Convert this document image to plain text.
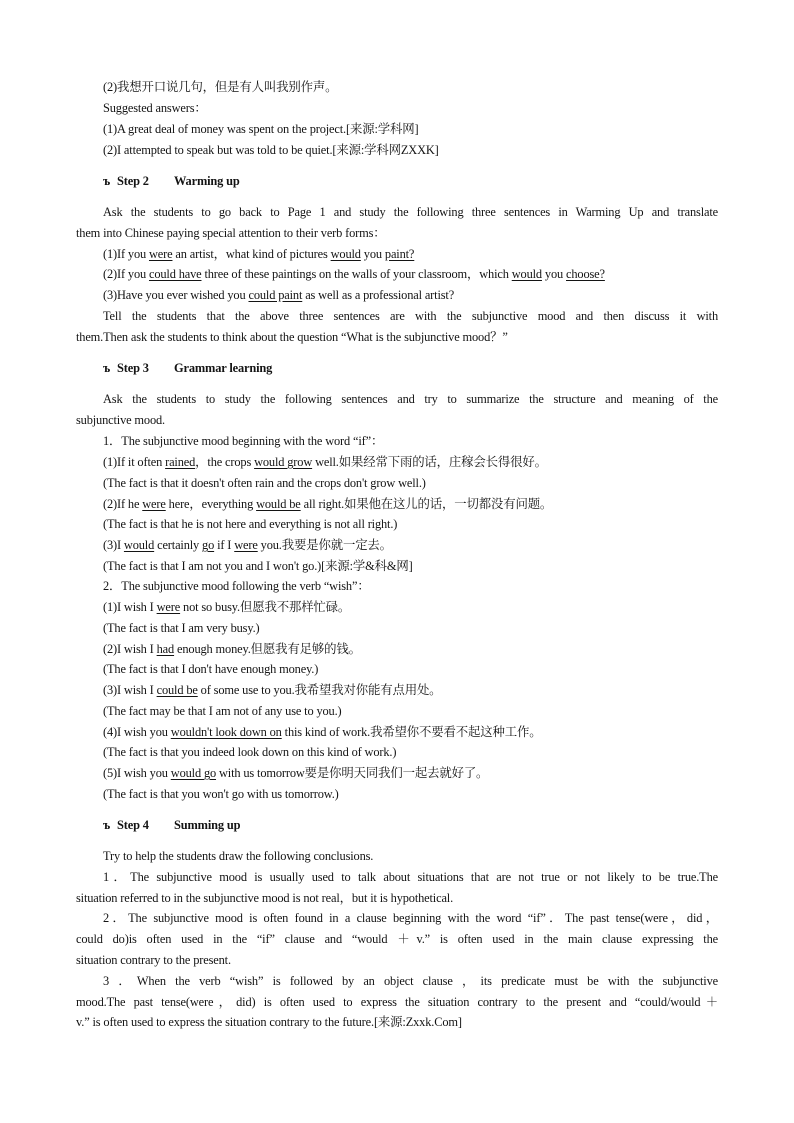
(2)我想开口说几句，但是有人叫我别作声。
Suggested answers：
(1)A great deal of money was spent on the project.[来源:学科网]
(2)I attempted to speak but was told to be quiet.[来源:学科网ZXXK]
ъ Step 2 Warming up
Ask the students to go back to Page 1 and study the following three sentences in Warming Up and translate
them into Chinese paying special attention to their verb forms：
(1)If you were an artist，what kind of pictures would you paint?
(2)If you could have three of these paintings on the walls of your classroom，which would you choose?
(3)Have you ever wished you could paint as well as a professional artist?
Tell the students that the above three sentences are with the subjunctive mood and then discuss it with
them.Then ask the students to think about the question “What is the subjunctive mood？”
ъ Step 3 Grammar learning
Ask the students to study the following sentences and try to summarize the structure and meaning of the
subjunctive mood.
1．The subjunctive mood beginning with the word “if”：
(1)If it often rained，the crops would grow well.如果经常下雨的话，庄稼会长得很好。
(The fact is that it doesn't often rain and the crops don't grow well.)
(2)If he were here，everything would be all right.如果他在这儿的话，一切都没有问题。
(The fact is that he is not here and everything is not all right.)
(3)I would certainly go if I were you.我要是你就一定去。
(The fact is that I am not you and I won't go.)[来源:学&科&网]
2．The subjunctive mood following the verb “wish”：
(1)I wish I were not so busy.但愿我不那样忙碌。
(The fact is that I am very busy.)
(2)I wish I had enough money.但愿我有足够的钱。
(The fact is that I don't have enough money.)
(3)I wish I could be of some use to you.我希望我对你能有点用处。
(The fact may be that I am not of any use to you.)
(4)I wish you wouldn't look down on this kind of work.我希望你不要看不起这种工作。
(The fact is that you indeed look down on this kind of work.)
(5)I wish you would go with us tomorrow要是你明天同我们一起去就好了。
(The fact is that you won't go with us tomorrow.)
ъ Step 4 Summing up
Try to help the students draw the following conclusions.
1．The subjunctive mood is usually used to talk about situations that are not true or not likely to be true.The
situation referred to in the subjunctive mood is not real，but it is hypothetical.
2．The subjunctive mood is often found in a clause beginning with the word “if”．The past tense(were，did，
could do)is often used in the “if” clause and “would ＋v.” is often used in the main clause expressing the
situation contrary to the present.
3 ．When the verb “wish” is followed by an object clause ，its predicate must be with the subjunctive
mood.The past tense(were，did) is often used to express the situation contrary to the present and “could/would＋
v.” is often used to express the situation contrary to the future.[来源:Zxxk.Com]
